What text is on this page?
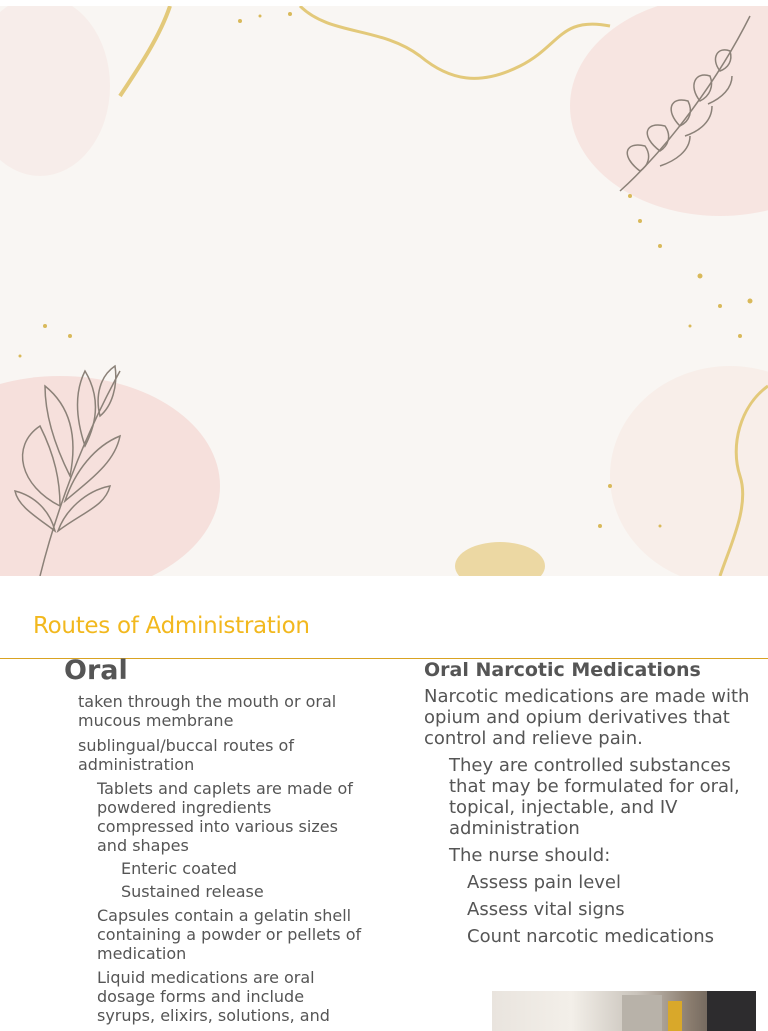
Routes of Administration
Oral

taken through the mouth or oral mucous membrane

sublingual/buccal routes of administration

Tablets and caplets are made of powdered ingredients compressed into various sizes and shapes

Enteric coated

Sustained release

Capsules contain a gelatin shell containing a powder or pellets of medication

Liquid medications are oral dosage forms and include syrups, elixirs, solutions, and

Oral Narcotic Medications

Narcotic medications are made with opium and opium derivatives that control and relieve pain.

They are controlled substances that may be formulated for oral, topical, injectable, and IV administration

The nurse should:

Assess pain level

Assess vital signs

Count narcotic medications
